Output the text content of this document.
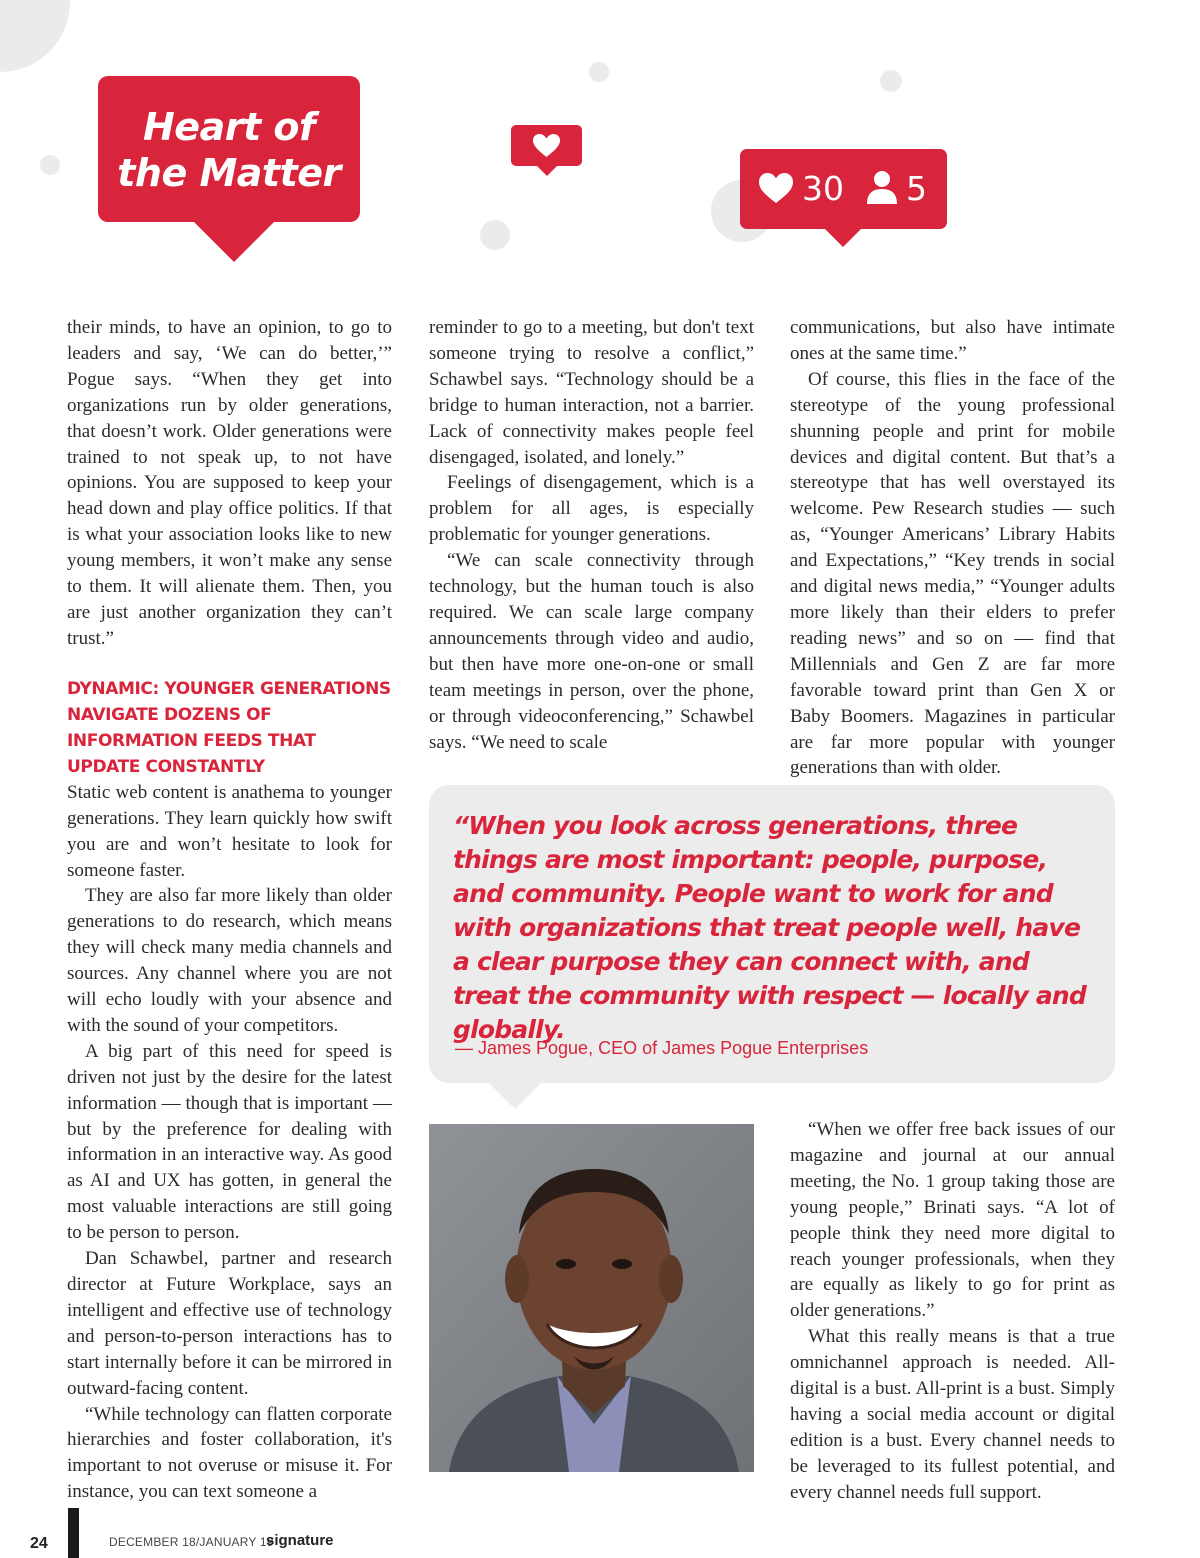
Heart of
the Matter	30 5

their minds, to have an opinion, to go to leaders and say, ‘We can do better,’” Pogue says. “When they get into organizations run by older generations, that doesn’t work. Older generations were trained to not speak up, to not have opinions. You are supposed to keep your head down and play office politics. If that is what your association looks like to new young members, it won’t make any sense to them. It will alienate them. Then, you are just another organization they can’t trust.”

DYNAMIC: YOUNGER GENERATIONS NAVIGATE DOZENS OF INFORMATION FEEDS THAT UPDATE CONSTANTLY

Static web content is anathema to younger generations. They learn quickly how swift you are and won’t hesitate to look for someone faster.

They are also far more likely than older generations to do research, which means they will check many media channels and sources. Any channel where you are not will echo loudly with your absence and with the sound of your competitors.

A big part of this need for speed is driven not just by the desire for the latest information — though that is important — but by the preference for dealing with information in an interactive way. As good as AI and UX has gotten, in general the most valuable interactions are still going to be person to person.

Dan Schawbel, partner and research director at Future Workplace, says an intelligent and effective use of technology and person-to-person interactions has to start internally before it can be mirrored in outward-facing content.

“While technology can flatten corporate hierarchies and foster collaboration, it's important to not overuse or misuse it. For instance, you can text someone a

reminder to go to a meeting, but don't text someone trying to resolve a conflict,” Schawbel says. “Technology should be a bridge to human interaction, not a barrier. Lack of connectivity makes people feel disengaged, isolated, and lonely.”

Feelings of disengagement, which is a problem for all ages, is especially problematic for younger generations.

“We can scale connectivity through technology, but the human touch is also required. We can scale large company announcements through video and audio, but then have more one-on-one or small team meetings in person, over the phone, or through videoconferencing,” Schawbel says. “We need to scale

communications, but also have intimate ones at the same time.”

Of course, this flies in the face of the stereotype of the young professional shunning people and print for mobile devices and digital content. But that’s a stereotype that has well overstayed its welcome. Pew Research studies — such as, “Younger Americans’ Library Habits and Expectations,” “Key trends in social and digital news media,” “Younger adults more likely than their elders to prefer reading news” and so on — find that Millennials and Gen Z are far more favorable toward print than Gen X or Baby Boomers. Magazines in particular are far more popular with younger generations than with older.

“When you look across generations, three things are most important: people, purpose, and community. People want to work for and with organizations that treat people well, have a clear purpose they can connect with, and treat the community with respect — locally and globally.
— James Pogue, CEO of James Pogue Enterprises

“When we offer free back issues of our magazine and journal at our annual meeting, the No. 1 group taking those are young people,” Brinati says. “A lot of people think they need more digital to reach younger professionals, when they are equally as likely to go for print as older generations.”

What this really means is that a true omnichannel approach is needed. All-digital is a bust. All-print is a bust. Simply having a social media account or digital edition is a bust. Every channel needs to be leveraged to its fullest potential, and every channel needs full support.

24	DECEMBER 18/JANUARY 19
signature
